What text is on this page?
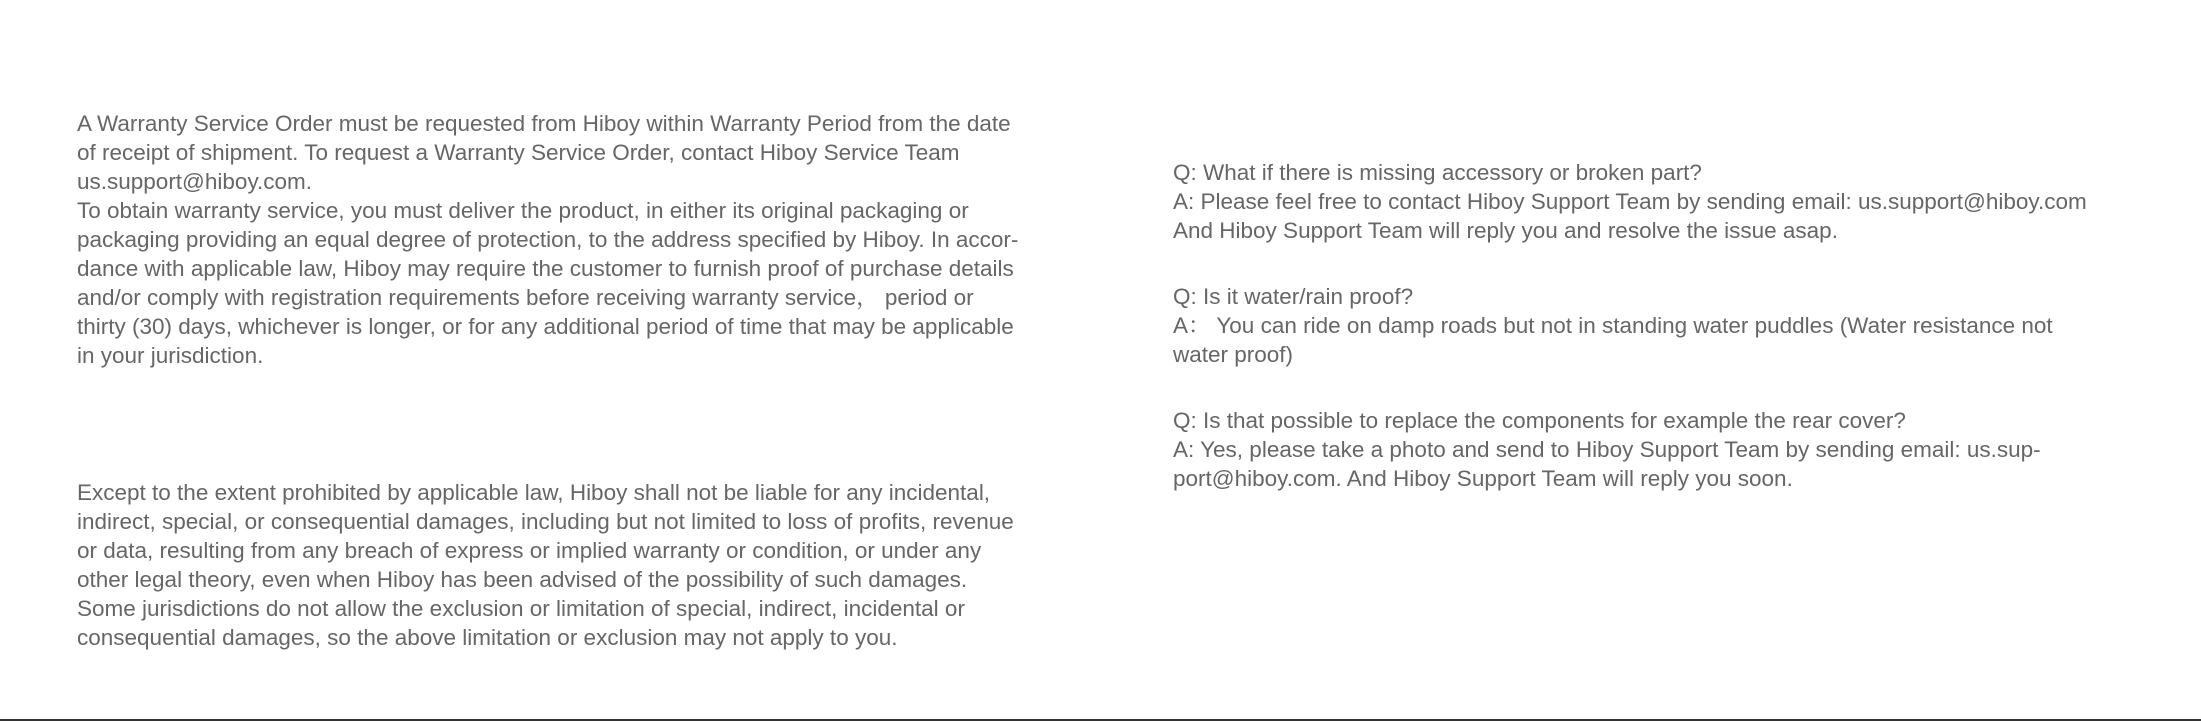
A Warranty Service Order must be requested from Hiboy within Warranty Period from the date
of receipt of shipment. To request a Warranty Service Order, contact Hiboy Service Team
us.support@hiboy.com.
To obtain warranty service, you must deliver the product, in either its original packaging or
packaging providing an equal degree of protection, to the address specified by Hiboy. In accor-
dance with applicable law, Hiboy may require the customer to furnish proof of purchase details
and/or comply with registration requirements before receiving warranty service， period or
thirty (30) days, whichever is longer, or for any additional period of time that may be applicable
in your jurisdiction.
Except to the extent prohibited by applicable law, Hiboy shall not be liable for any incidental,
indirect, special, or consequential damages, including but not limited to loss of profits, revenue
or data, resulting from any breach of express or implied warranty or condition, or under any
other legal theory, even when Hiboy has been advised of the possibility of such damages.
Some jurisdictions do not allow the exclusion or limitation of special, indirect, incidental or
consequential damages, so the above limitation or exclusion may not apply to you.
Q: What if there is missing accessory or broken part?
A: Please feel free to contact Hiboy Support Team by sending email: us.support@hiboy.com
And Hiboy Support Team will reply you and resolve the issue asap.
Q: Is it water/rain proof?
A： You can ride on damp roads but not in standing water puddles (Water resistance not
water proof)
Q: Is that possible to replace the components for example the rear cover?
A: Yes, please take a photo and send to Hiboy Support Team by sending email: us.sup-
port@hiboy.com. And Hiboy Support Team will reply you soon.
